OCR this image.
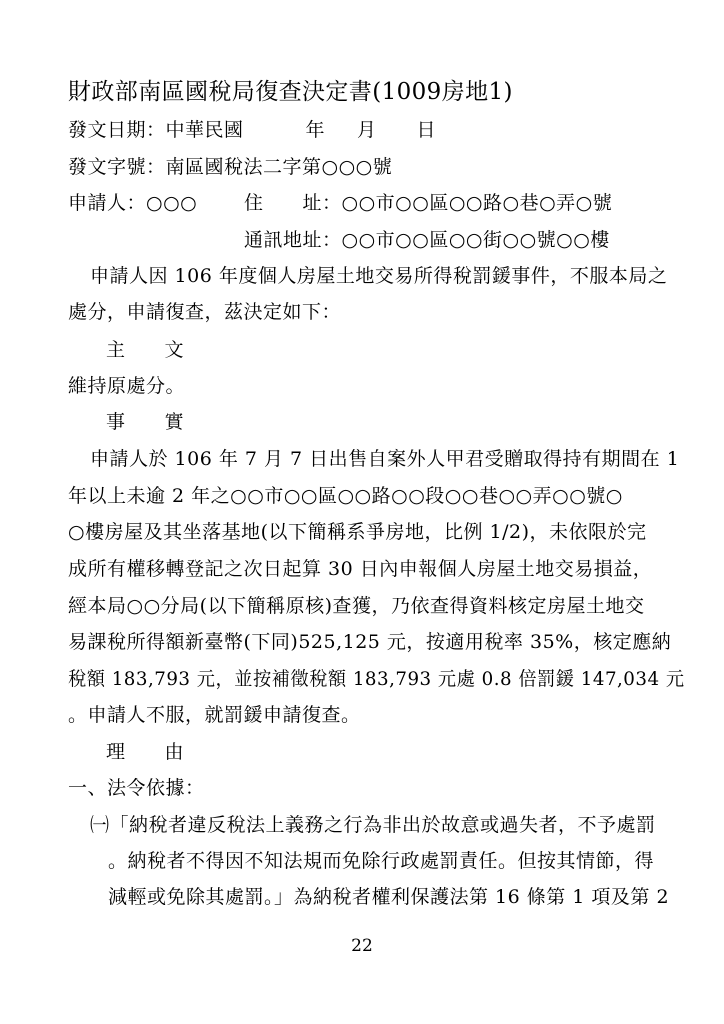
財政部南區國稅局復查決定書(1009房地1)
發文日期：中華民國	年 月 日
發文字號：南區國稅法二字第○○○號
申請人：○○○ 住　　址：○○市○○區○○路○巷○弄○號
通訊地址：○○市○○區○○街○○號○○樓
申請人因 106 年度個人房屋土地交易所得稅罰鍰事件，不服本局之
處分，申請復查，茲決定如下：
主　　文
維持原處分。
事　　實
申請人於 106 年 7 月 7 日出售自案外人甲君受贈取得持有期間在 1
年以上未逾 2 年之○○市○○區○○路○○段○○巷○○弄○○號○
○樓房屋及其坐落基地(以下簡稱系爭房地，比例 1/2)，未依限於完
成所有權移轉登記之次日起算 30 日內申報個人房屋土地交易損益，
經本局○○分局(以下簡稱原核)查獲，乃依查得資料核定房屋土地交
易課稅所得額新臺幣(下同)525,125 元，按適用稅率 35%，核定應納
稅額 183,793 元，並按補徵稅額 183,793 元處 0.8 倍罰鍰 147,034 元
。申請人不服，就罰鍰申請復查。
理　　由
一、法令依據：
㈠「納稅者違反稅法上義務之行為非出於故意或過失者，不予處罰
。納稅者不得因不知法規而免除行政處罰責任。但按其情節，得
減輕或免除其處罰。」為納稅者權利保護法第 16 條第 1 項及第 2
22
